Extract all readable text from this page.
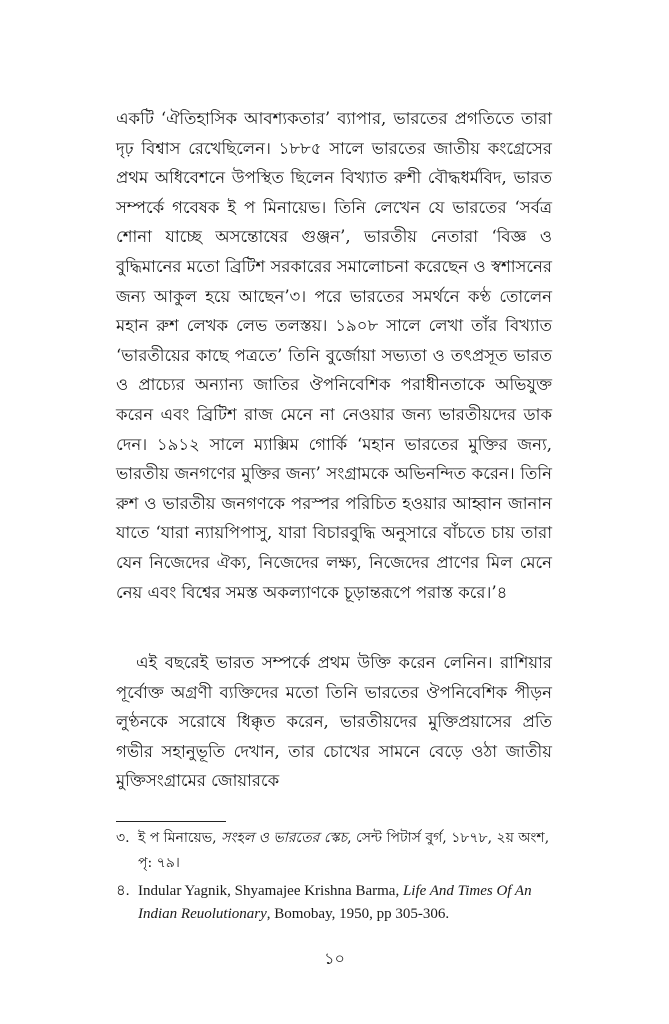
একটি ‘ঐতিহাসিক আবশ্যকতার’ ব্যাপার, ভারতের প্রগতিতে তারা দৃঢ় বিশ্বাস রেখেছিলেন। ১৮৮৫ সালে ভারতের জাতীয় কংগ্রেসের প্রথম অধিবেশনে উপস্থিত ছিলেন বিখ্যাত রুশী বৌদ্ধধর্মবিদ, ভারত সম্পর্কে গবেষক ই প মিনায়েভ। তিনি লেখেন যে ভারতের ‘সর্বত্র শোনা যাচ্ছে অসন্তোষের গুঞ্জন’, ভারতীয় নেতারা ‘বিজ্ঞ ও বুদ্ধিমানের মতো ব্রিটিশ সরকারের সমালোচনা করেছেন ও স্বশাসনের জন্য আকুল হয়ে আছেন’৩। পরে ভারতের সমর্থনে কণ্ঠ তোলেন মহান রুশ লেখক লেভ তলস্তয়। ১৯০৮ সালে লেখা তাঁর বিখ্যাত ‘ভারতীয়ের কাছে পত্রতে’ তিনি বুর্জোয়া সভ্যতা ও তৎপ্রসূত ভারত ও প্রাচ্যের অন্যান্য জাতির ঔপনিবেশিক পরাধীনতাকে অভিযুক্ত করেন এবং ব্রিটিশ রাজ মেনে না নেওয়ার জন্য ভারতীয়দের ডাক দেন। ১৯১২ সালে ম্যাক্সিম গোর্কি ‘মহান ভারতের মুক্তির জন্য, ভারতীয় জনগণের মুক্তির জন্য’ সংগ্রামকে অভিনন্দিত করেন। তিনি রুশ ও ভারতীয় জনগণকে পরস্পর পরিচিত হওয়ার আহ্বান জানান যাতে ‘যারা ন্যায়পিপাসু, যারা বিচারবুদ্ধি অনুসারে বাঁচতে চায় তারা যেন নিজেদের ঐক্য, নিজেদের লক্ষ্য, নিজেদের প্রাণের মিল মেনে নেয় এবং বিশ্বের সমস্ত অকল্যাণকে চূড়ান্তরূপে পরাস্ত করে।’৪

এই বছরেই ভারত সম্পর্কে প্রথম উক্তি করেন লেনিন। রাশিয়ার পূর্বোক্ত অগ্রণী ব্যক্তিদের মতো তিনি ভারতের ঔপনিবেশিক পীড়ন লুণ্ঠনকে সরোষে ধিক্কৃত করেন, ভারতীয়দের মুক্তিপ্রয়াসের প্রতি গভীর সহানুভূতি দেখান, তার চোখের সামনে বেড়ে ওঠা জাতীয় মুক্তিসংগ্রামের জোয়ারকে

৩. ই প মিনায়েভ, সংহল ও ভারতের স্কেচ, সেন্ট পিটার্স বুর্গ, ১৮৭৮, ২য় অংশ, পৃ: ৭৯।
৪. Indular Yagnik, Shyamajee Krishna Barma, Life And Times Of An Indian Reuolutionary, Bomobay, 1950, pp 305-306.
১০
